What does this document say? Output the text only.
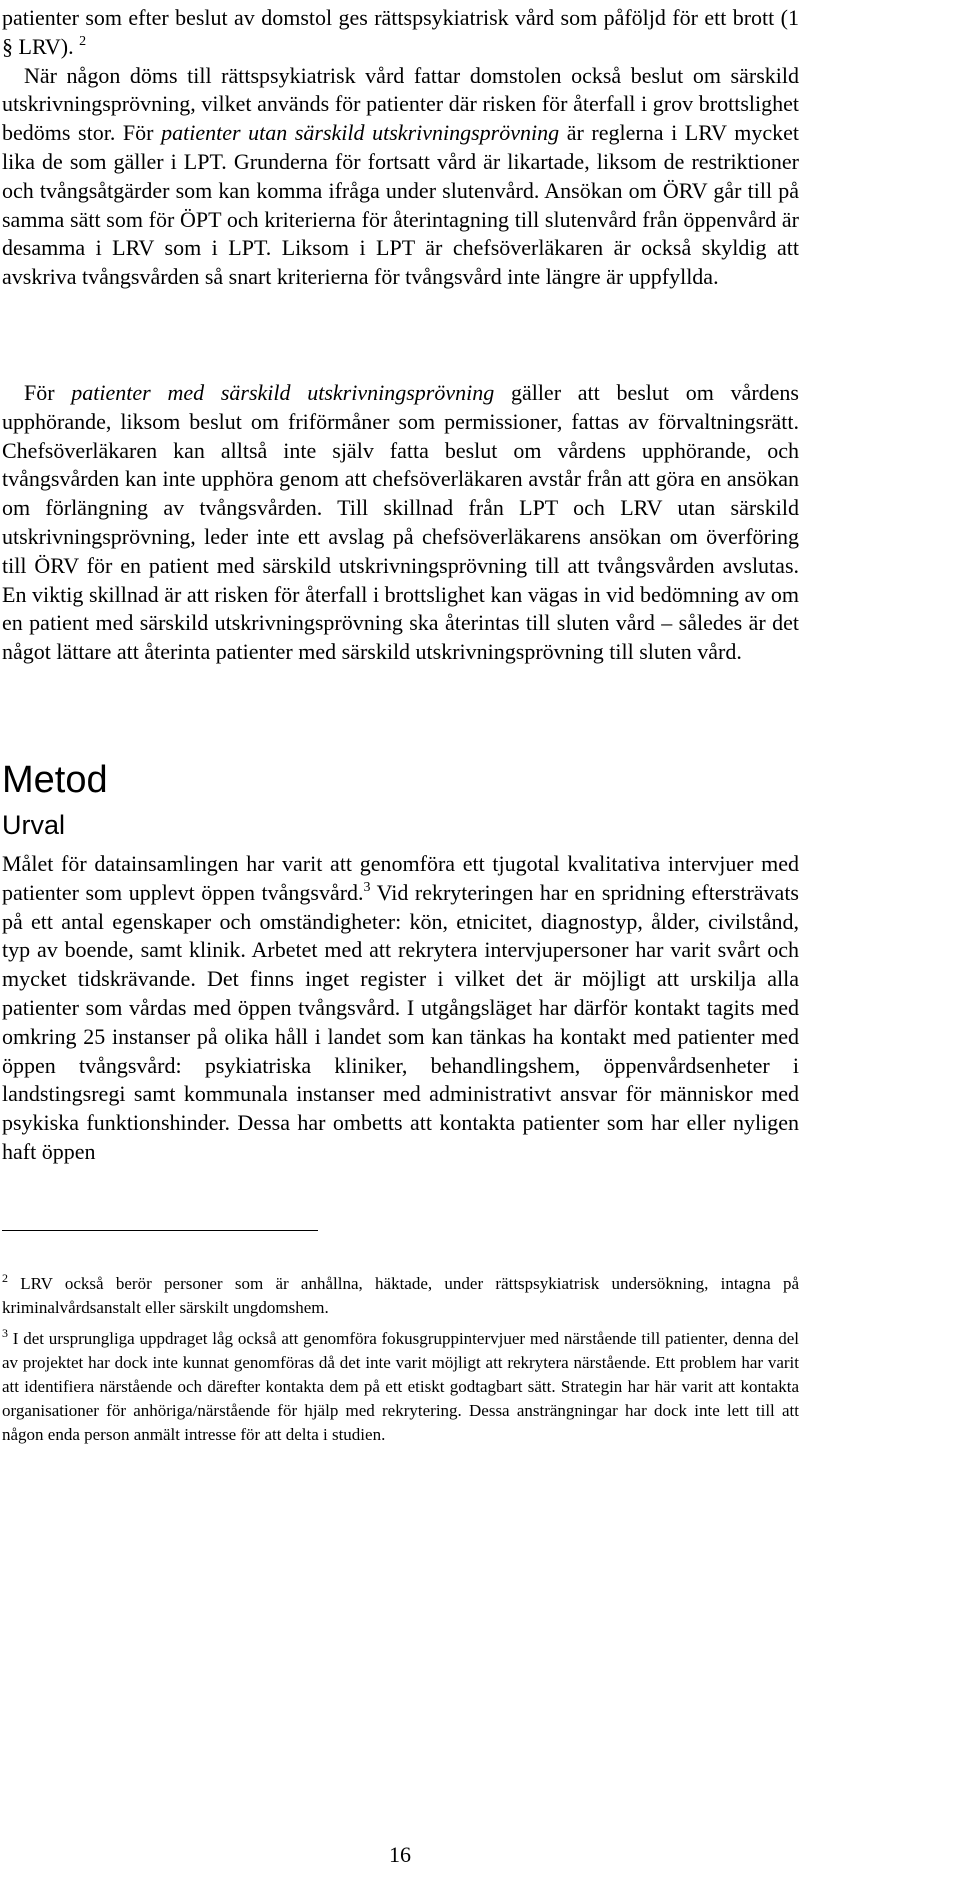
patienter som efter beslut av domstol ges rättspsykiatrisk vård som påföljd för ett brott (1 § LRV). $^2$
När någon döms till rättspsykiatrisk vård fattar domstolen också beslut om särskild utskrivningsprövning, vilket används för patienter där risken för återfall i grov brottslighet bedöms stor. För patienter utan särskild utskrivningsprövning är reglerna i LRV mycket lika de som gäller i LPT. Grunderna för fortsatt vård är likartade, liksom de restriktioner och tvångsåtgärder som kan komma ifråga under slutenvård. Ansökan om ÖRV går till på samma sätt som för ÖPT och kriterierna för återintagning till slutenvård från öppenvård är desamma i LRV som i LPT. Liksom i LPT är chefsöverläkaren är också skyldig att avskriva tvångsvården så snart kriterierna för tvångsvård inte längre är uppfyllda.

För patienter med särskild utskrivningsprövning gäller att beslut om vårdens upphörande, liksom beslut om friförmåner som permissioner, fattas av förvaltningsrätt. Chefsöverläkaren kan alltså inte själv fatta beslut om vårdens upphörande, och tvångsvården kan inte upphöra genom att chefsöverläkaren avstår från att göra en ansökan om förlängning av tvångsvården. Till skillnad från LPT och LRV utan särskild utskrivningsprövning, leder inte ett avslag på chefsöverläkarens ansökan om överföring till ÖRV för en patient med särskild utskrivningsprövning till att tvångsvården avslutas. En viktig skillnad är att risken för återfall i brottslighet kan vägas in vid bedömning av om en patient med särskild utskrivningsprövning ska återintas till sluten vård – således är det något lättare att återinta patienter med särskild utskrivningsprövning till sluten vård.

Metod
Urval

Målet för datainsamlingen har varit att genomföra ett tjugotal kvalitativa intervjuer med patienter som upplevt öppen tvångsvård.$^3$ Vid rekryteringen har en spridning eftersträvats på ett antal egenskaper och omständigheter: kön, etnicitet, diagnostyp, ålder, civilstånd, typ av boende, samt klinik. Arbetet med att rekrytera intervjupersoner har varit svårt och mycket tidskrävande. Det finns inget register i vilket det är möjligt att urskilja alla patienter som vårdas med öppen tvångsvård. I utgångsläget har därför kontakt tagits med omkring 25 instanser på olika håll i landet som kan tänkas ha kontakt med patienter med öppen tvångsvård: psykiatriska kliniker, behandlingshem, öppenvårdsenheter i landstingsregi samt kommunala instanser med administrativt ansvar för människor med psykiska funktionshinder. Dessa har ombetts att kontakta patienter som har eller nyligen haft öppen

$^2$ LRV också berör personer som är anhållna, häktade, under rättspsykiatrisk undersökning, intagna på kriminalvårdsanstalt eller särskilt ungdomshem.

$^3$ I det ursprungliga uppdraget låg också att genomföra fokusgruppintervjuer med närstående till patienter, denna del av projektet har dock inte kunnat genomföras då det inte varit möjligt att rekrytera närstående. Ett problem har varit att identifiera närstående och därefter kontakta dem på ett etiskt godtagbart sätt. Strategin har här varit att kontakta organisationer för anhöriga/närstående för hjälp med rekrytering. Dessa ansträngningar har dock inte lett till att någon enda person anmält intresse för att delta i studien.

16
